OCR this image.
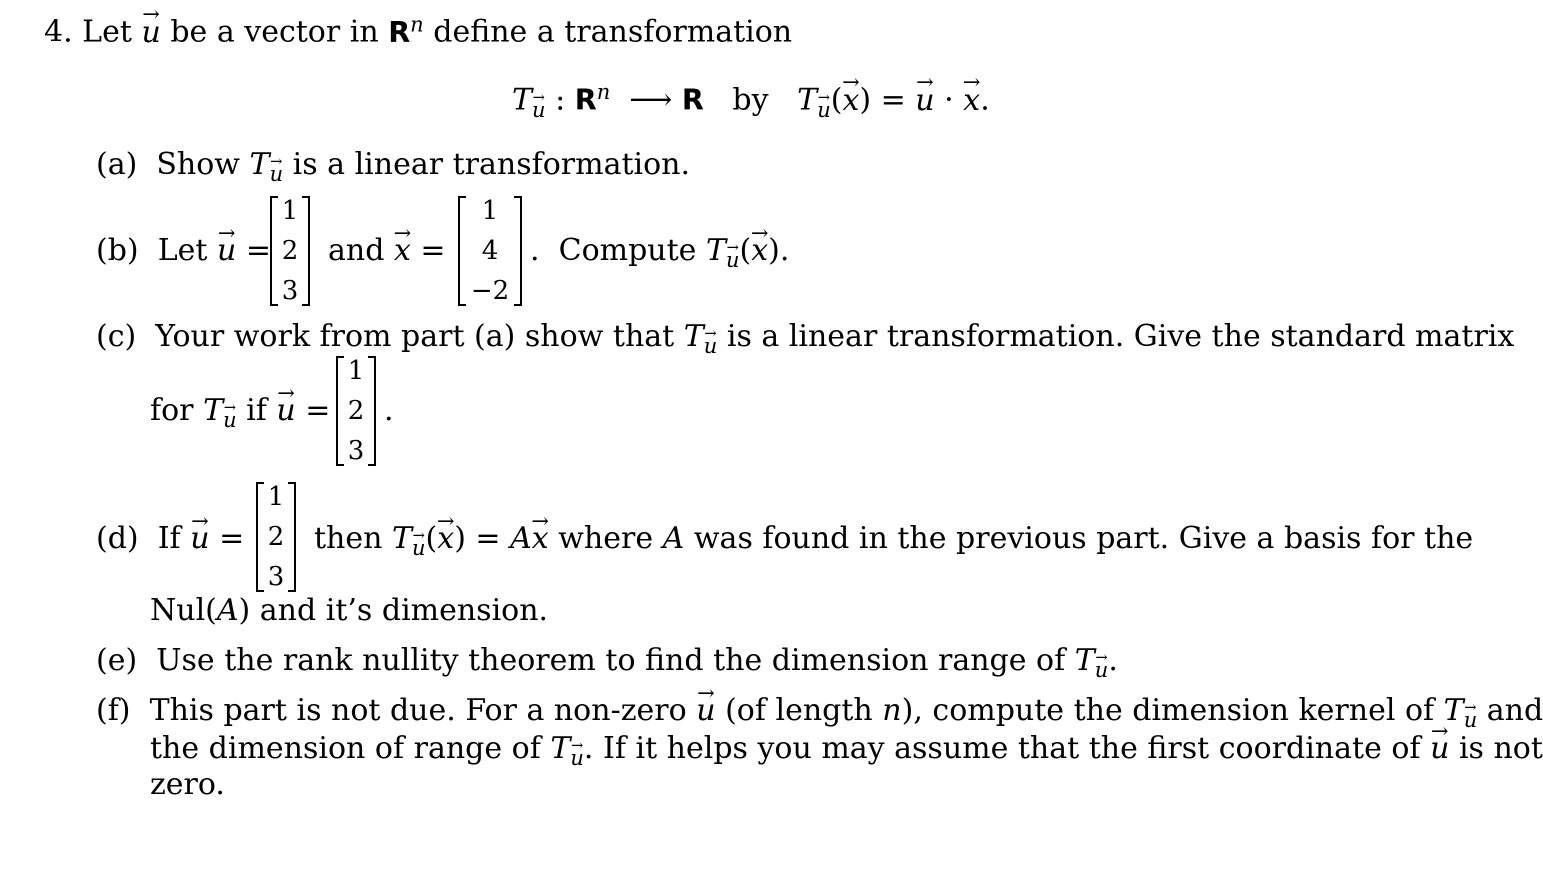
4. Let → u be a vector in $R^n$ define a transformation
T→ $_u$ : $R^n$  ⟶ R by T→ $_u$(→ x) = → u · → x.
(a) Show T→ $_u$ is a linear transformation.
(b) Let → u =
1
2
3
and → x =
1
4
−2
.  Compute T→ $_u$(→ x).
(c) Your work from part (a) show that T→ $_u$ is a linear transformation. Give the standard matrix
for T→ $_u$ if → u =
1
2
3
.
(d) If → u =
1
2
3
then T→ $_u$(→ x) = A→ x where A was found in the previous part. Give a basis for the
Nul(A) and it’s dimension.
(e) Use the rank nullity theorem to find the dimension range of T→ $_u$.
(f) This part is not due. For a non-zero → u (of length n), compute the dimension kernel of T→ $_u$ and
the dimension of range of T→ $_u$. If it helps you may assume that the first coordinate of → u is not
zero.
